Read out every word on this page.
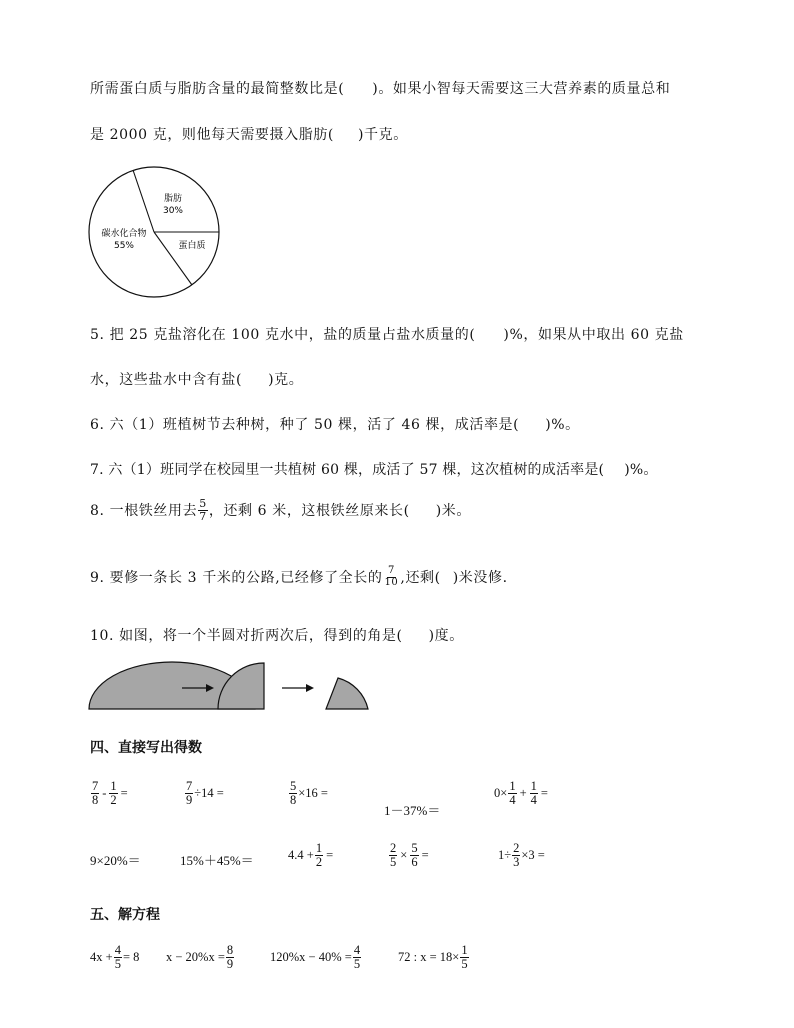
所需蛋白质与脂肪含量的最简整数比是( )。如果小智每天需要这三大营养素的质量总和
是 2000 克，则他每天需要摄入脂肪( )千克。
脂肪
30%
碳水化合物
55%	蛋白质
5. 把 25 克盐溶化在 100 克水中，盐的质量占盐水质量的( )%，如果从中取出 60 克盐
水，这些盐水中含有盐( )克。
6. 六（1）班植树节去种树，种了 50 棵，活了 46 棵，成活率是( )%。
7. 六（1）班同学在校园里一共植树 60 棵，成活了 57 棵，这次植树的成活率是( )%。
8. 一根铁丝用去 $\frac{5}{7}$ ，还剩 6 米，这根铁丝原来长( )米。
9. 要修一条长 3 千米的公路,已经修了全长的 $\frac{7}{10}$ ,还剩( )米没修.
10. 如图，将一个半圆对折两次后，得到的角是( )度。
四、直接写出得数
$\frac{7}{8} - \frac{1}{2}$ =	$\frac{7}{9} \div 14$ =	$\frac{5}{8} \times 16$ =
1－37%＝
$0\times \frac{1}{4} + \frac{1}{4}$ =
9×20%＝	15%＋45%＝	$4.4 + \frac{1}{2}$ =	$\frac{2}{5} \times \frac{5}{6}$ =	$1\div \frac{2}{3} \times 3$ =
五、解方程
$4x + \frac{4}{5} = 8$ $x - 20\%x = \frac{8}{9}$	$120\%x - 40\% = \frac{4}{5}$	72 : $x = 18\times \frac{1}{5}$
